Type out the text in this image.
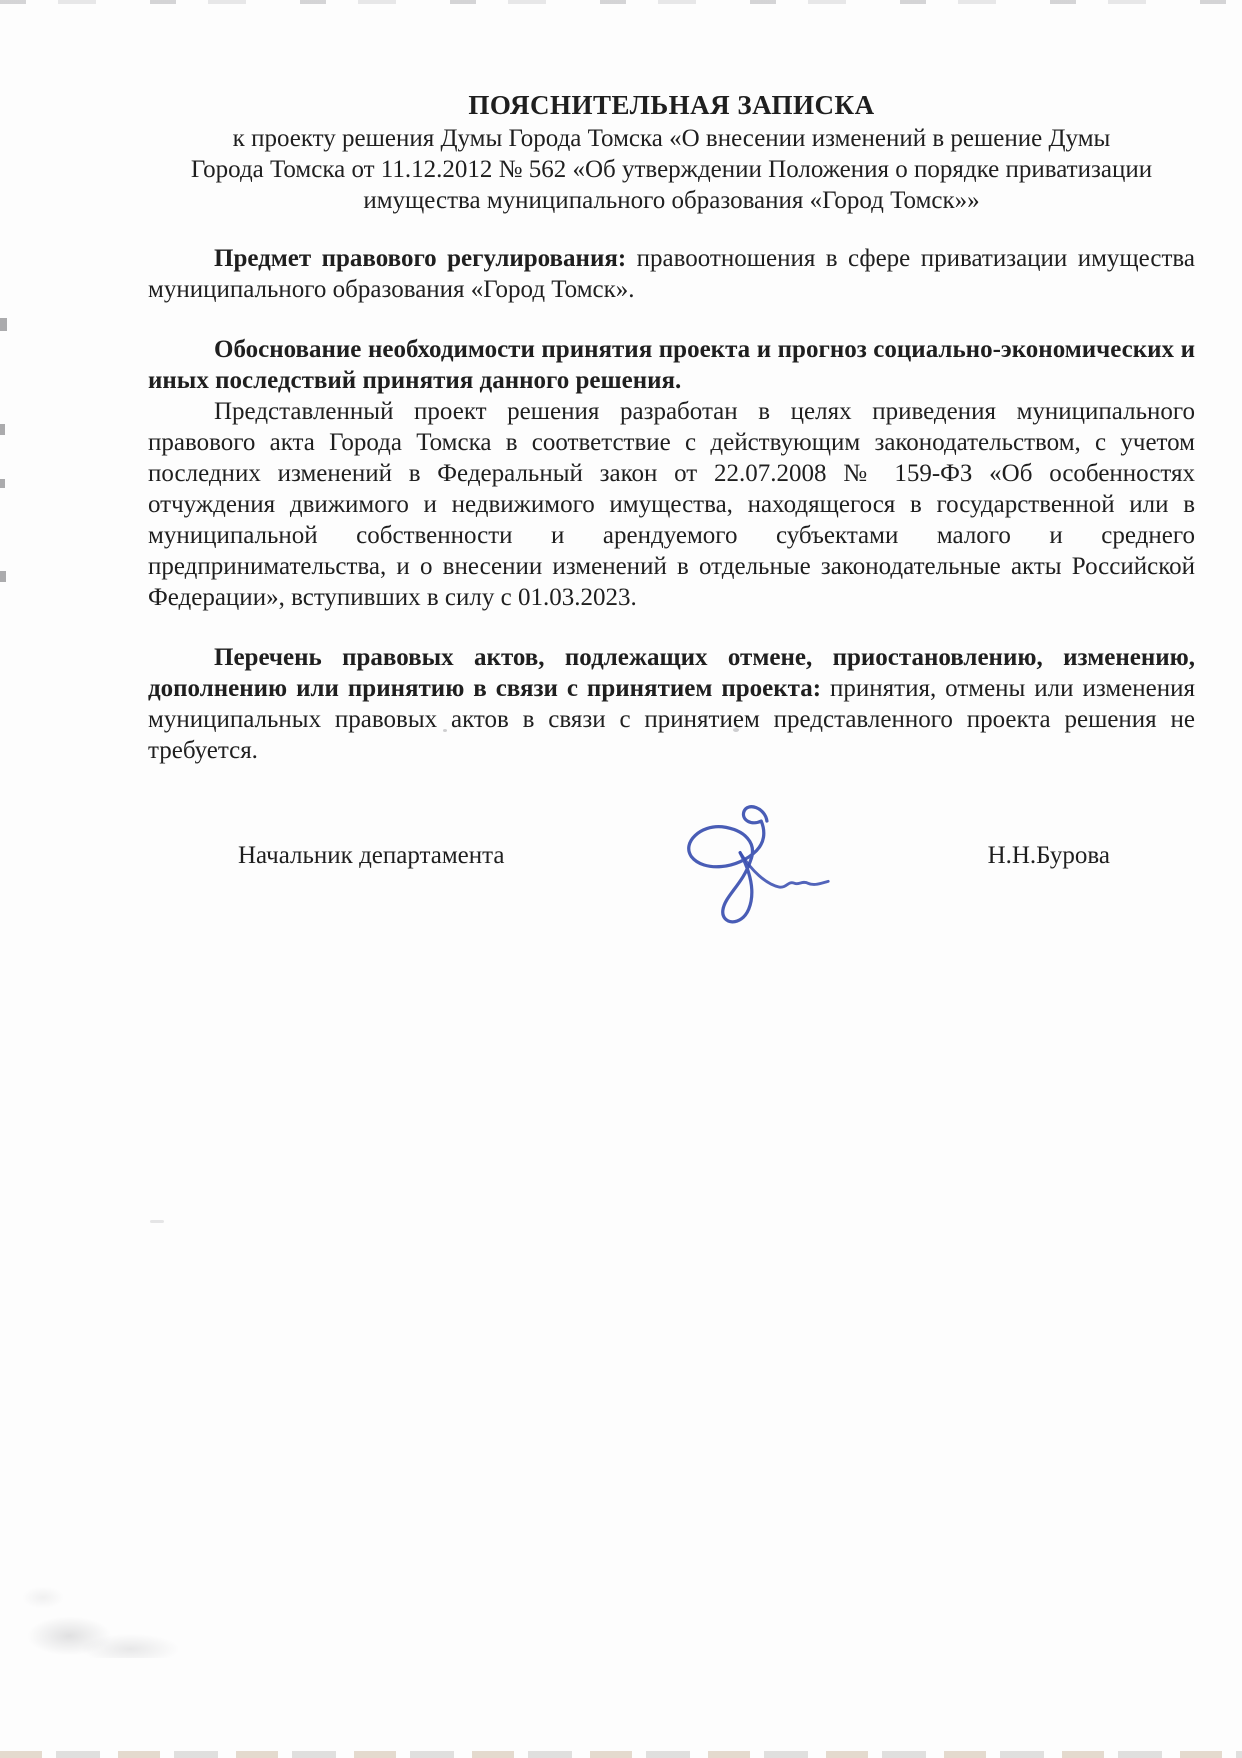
ПОЯСНИТЕЛЬНАЯ ЗАПИСКА

к проекту решения Думы Города Томска «О внесении изменений в решение Думы
Города Томска от 11.12.2012 № 562 «Об утверждении Положения о порядке приватизации
имущества муниципального образования «Город Томск»»

Предмет правового регулирования: правоотношения в сфере приватизации имущества муниципального образования «Город Томск».

Обоснование необходимости принятия проекта и прогноз социально-экономических и иных последствий принятия данного решения.

Представленный проект решения разработан в целях приведения муниципального правового акта Города Томска в соответствие с действующим законодательством, с учетом последних изменений в Федеральный закон от 22.07.2008 № 159-ФЗ «Об особенностях отчуждения движимого и недвижимого имущества, находящегося в государственной или в муниципальной собственности и арендуемого субъектами малого и среднего предпринимательства, и о внесении изменений в отдельные законодательные акты Российской Федерации», вступивших в силу с 01.03.2023.

Перечень правовых актов, подлежащих отмене, приостановлению, изменению, дополнению или принятию в связи с принятием проекта: принятия, отмены или изменения муниципальных правовых актов в связи с принятием представленного проекта решения не требуется.

Начальник департамента	Н.Н.Бурова
